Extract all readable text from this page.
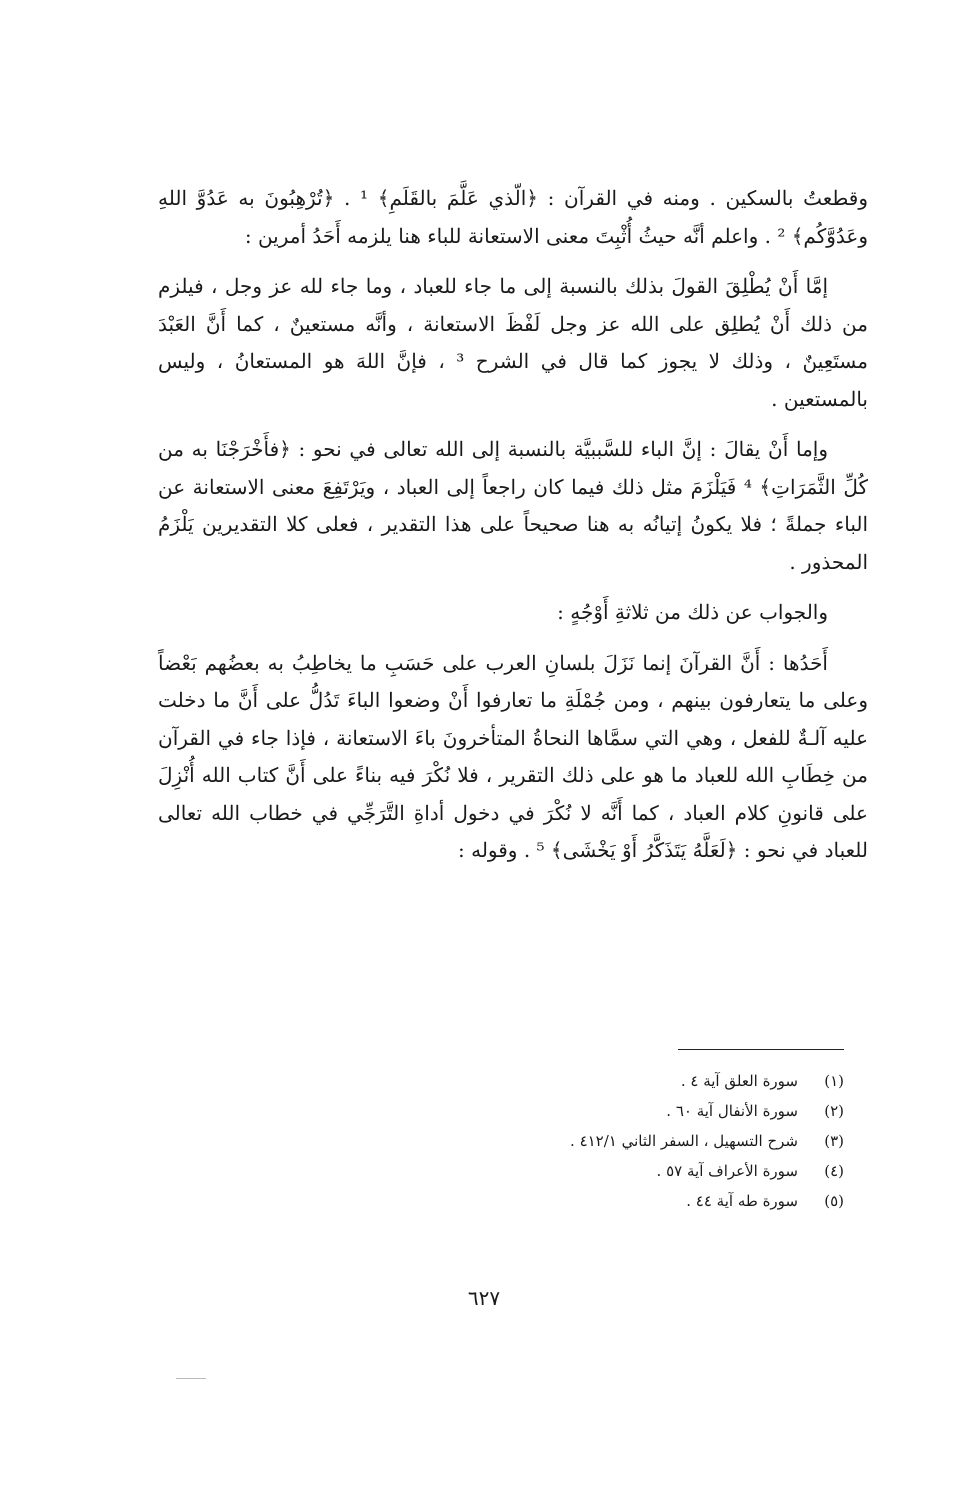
وقطعتُ بالسكين . ومنه في القرآن : ﴿الّذي عَلَّمَ بالقَلَمِ﴾ ¹ . ﴿تُرْهِبُونَ به عَدُوَّ اللهِ وعَدُوَّكُم﴾ ² . واعلم أنَّه حيثُ أُثْبِتَ معنى الاستعانة للباء هنا يلزمه أَحَدُ أمرين :

إمَّا أَنْ يُطْلِقَ القولَ بذلك بالنسبة إلى ما جاء للعباد ، وما جاء لله عز وجل ، فيلزم من ذلك أَنْ يُطلِق على الله عز وجل لَفْظَ الاستعانة ، وأنَّه مستعينٌ ، كما أَنَّ العَبْدَ مستَعِينٌ ، وذلك لا يجوز كما قال في الشرح ³ ، فإنَّ اللهَ هو المستعانُ ، وليس بالمستعين .

وإما أَنْ يقالَ : إنَّ الباء للسَّببيَّة بالنسبة إلى الله تعالى في نحو : ﴿فأَخْرَجْنَا به من كُلِّ الثَّمَرَاتِ﴾ ⁴ فَيَلْزَمَ مثل ذلك فيما كان راجعاً إلى العباد ، ويَرْتَفِعَ معنى الاستعانة عن الباء جملةً ؛ فلا يكونُ إتيانُه به هنا صحيحاً على هذا التقدير ، فعلى كلا التقديرين يَلْزَمُ المحذور .

والجواب عن ذلك من ثلاثةِ أَوْجُهٍ :

أَحَدُها : أَنَّ القرآنَ إنما نَزَلَ بلسانِ العرب على حَسَبِ ما يخاطِبُ به بعضُهم بَعْضاً وعلى ما يتعارفون بينهم ، ومن جُمْلَةِ ما تعارفوا أَنْ وضعوا الباءَ تَدُلُّ على أَنَّ ما دخلت عليه آلـةٌ للفعل ، وهي التي سمَّاها النحاةُ المتأخرونَ باءَ الاستعانة ، فإذا جاء في القرآن من خِطَابِ الله للعباد ما هو على ذلك التقرير ، فلا نُكْرَ فيه بناءً على أَنَّ كتاب الله أُنْزِلَ على قانونِ كلام العباد ، كما أَنَّه لا نُكْرَ في دخول أداةِ التَّرَجِّي في خطاب الله تعالى للعباد في نحو : ﴿لَعَلَّهُ يَتَذَكَّرُ أَوْ يَخْشَى﴾ ⁵ . وقوله :

(١)
سورة العلق آية ٤ .
(٢)
سورة الأنفال آية ٦٠ .
(٣)
شرح التسهيل ، السفر الثاني ٤١٢/١ .
(٤)
سورة الأعراف آية ٥٧ .
(٥)
سورة طه آية ٤٤ .
٦٢٧
